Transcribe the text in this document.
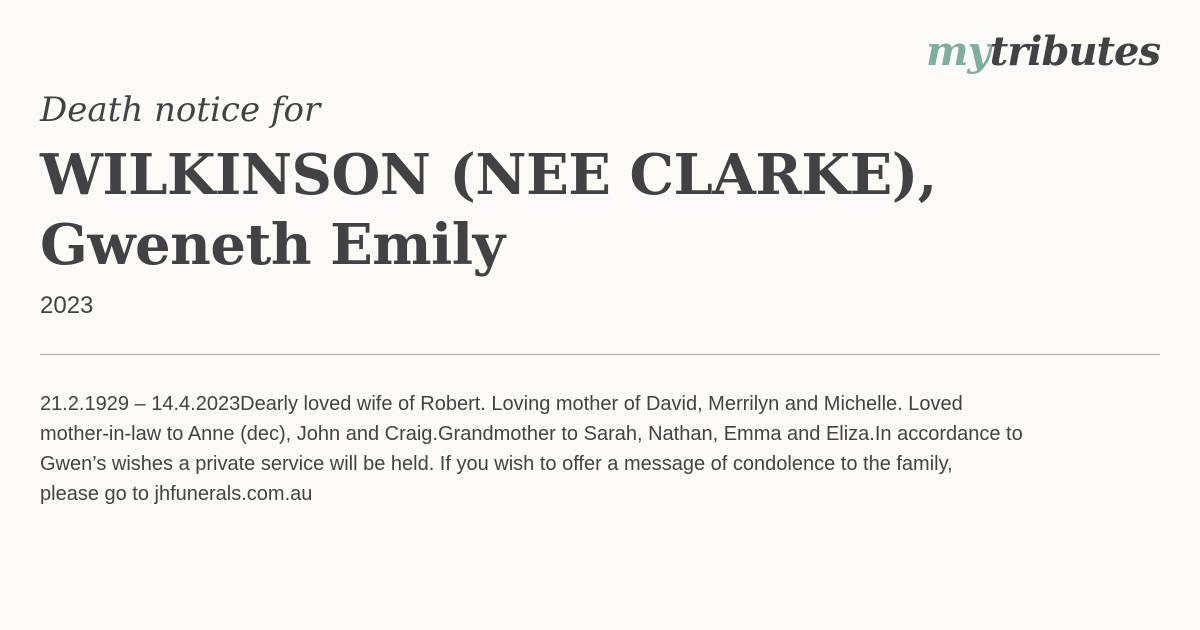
mytributes
Death notice for
WILKINSON (NEE CLARKE),
Gweneth Emily
2023
21.2.1929 – 14.4.2023Dearly loved wife of Robert. Loving mother of David, Merrilyn and Michelle. Loved
mother-in-law to Anne (dec), John and Craig.Grandmother to Sarah, Nathan, Emma and Eliza.In accordance to
Gwen’s wishes a private service will be held. If you wish to offer a message of condolence to the family,
please go to jhfunerals.com.au
